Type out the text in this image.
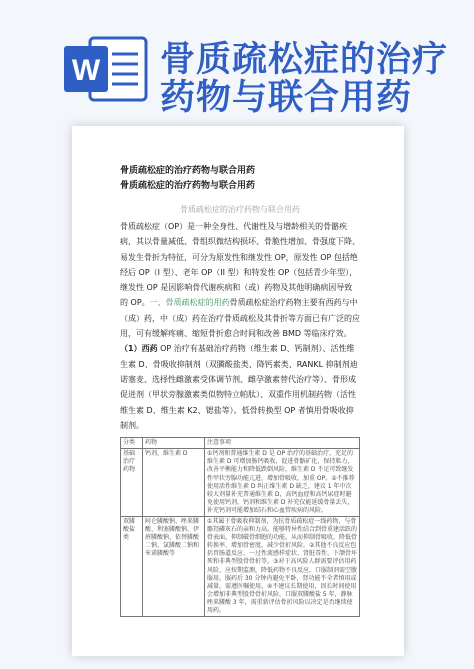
W 骨质疏松症的治疗
药物与联合用药
骨质疏松症的治疗药物与联合用药
骨质疏松症的治疗药物与联合用药
骨质疏松症的治疗药物与联合用药
骨质疏松症（OP）是一种全身性、代谢性及与增龄相关的骨骼疾病，其以骨量减低、骨组织微结构损坏、骨脆性增加、骨强度下降、易发生骨折为特征，可分为原发性和继发性 OP，原发性 OP 包括绝经后 OP（I 型）、老年 OP（II 型）和特发性 OP（包括青少年型），继发性 OP 是因影响骨代谢疾病和（或）药物及其他明确病因导致的 OP。一、骨质疏松症的用药骨质疏松症治疗药物主要有西药与中（成）药，中（成）药在治疗骨质疏松及其骨折等方面已有广泛的应用，可有缓解疼痛、缩短骨折愈合时间和改善 BMD 等临床疗效。（1）西药 OP 治疗有基础治疗药物（维生素 D、钙制剂）、活性维生素 D、骨吸收抑制剂（双膦酸盐类、降钙素类、RANKL 抑制剂迪诺塞麦、选择性雌激素受体调节剂、雌孕激素替代治疗等）、骨形成促进剂（甲状旁腺激素类似物特立帕肽）、双重作用机制药物（活性维生素 D、维生素 K2、锶盐等）。低骨转换型 OP 者慎用骨吸收抑制剂。
分类	药物	注意事项
基础治疗药物	钙剂，维生素 D	①钙剂和普通维生素 D 是 OP 治疗的基础治疗，充足的维生素 D 可增加肠钙吸收，促进骨骼矿化，保持肌力，改善平衡能力和降低跌倒风险，维生素 D 不足可致继发性甲状旁腺功能亢进，增加骨吸收，加重 OP。②不推荐使用活性维生素 D 纠正维生素 D 缺乏，建议 1 年中次较大剂量补充普通维生素 D，高钙血症和高钙尿症时避免使用钙剂，钙剂和维生素 D 补充仅能延缓骨量丢失，补充钙剂可能增加结石和心血管疾病的风险。
双膦酸盐类	阿仑膦酸钠、唑来膦酸、利塞膦酸钠、伊班膦酸钠、依替膦酸二钠、氯膦酸二钠和米诺膦酸等	①其属于骨吸收抑制剂，为抗骨质疏松症一线药物，与骨骼羟磷灰石的亲和力高，能够特异性结合到骨重建活跃的骨表面，抑制破骨细胞的功能，从而抑制骨吸收，降低骨转换率，增加骨密度，减少骨折风险。②其他不良反应包括胃肠道反应、一过性流感样症状、肾脏毒性、下颌骨坏死和非典型股骨骨折等。③对于高风险人群需要评估用药风险，应按期监测，降低药物不良反应，口服制剂需空腹服用，服药后 30 分钟内避免平卧，肾功能不全者慎用或减量，需遵医嘱使用。④不建议长期使用，因长时间使用会增加非典型股骨骨折风险，口服双膦酸盐 5 年，静脉唑来膦酸 3 年，需重新评估骨折风险以决定是否继续使用药。
